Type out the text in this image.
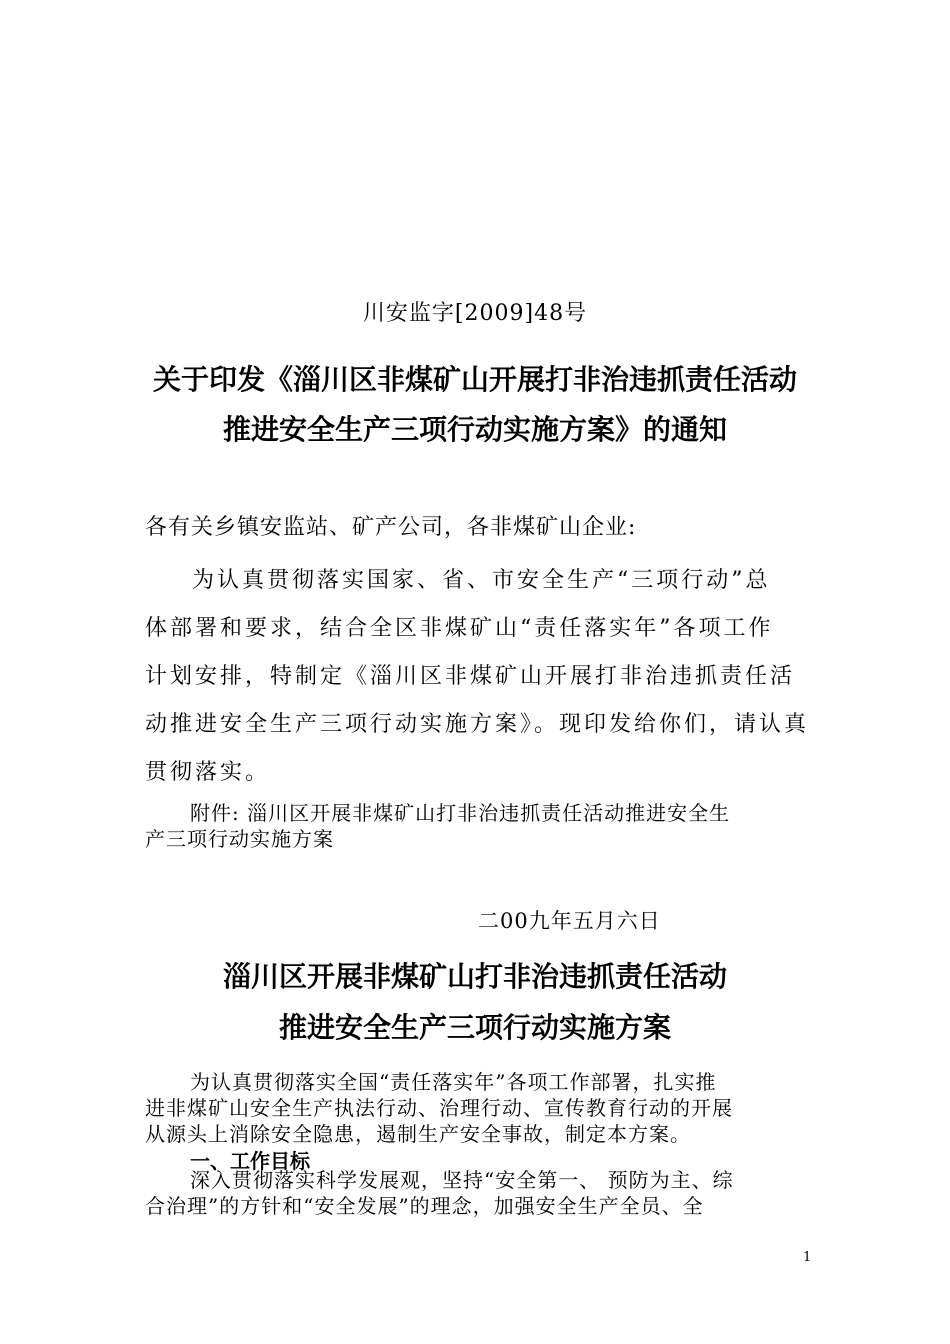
川安监字[2009]48号
关于印发《淄川区非煤矿山开展打非治违抓责任活动
推进安全生产三项行动实施方案》的通知
各有关乡镇安监站、矿产公司，各非煤矿山企业:
为认真贯彻落实国家、省、市安全生产“三项行动”总
体部署和要求，结合全区非煤矿山“责任落实年”各项工作
计划安排，特制定《淄川区非煤矿山开展打非治违抓责任活
动推进安全生产三项行动实施方案》。现印发给你们，请认真
贯彻落实。
附件: 淄川区开展非煤矿山打非治违抓责任活动推进安全生
产三项行动实施方案
二00九年五月六日
淄川区开展非煤矿山打非治违抓责任活动
推进安全生产三项行动实施方案
为认真贯彻落实全国“责任落实年”各项工作部署，扎实推
进非煤矿山安全生产执法行动、治理行动、宣传教育行动的开展
从源头上消除安全隐患，遏制生产安全事故，制定本方案。
一、工作目标
深入贯彻落实科学发展观，坚持“安全第一、 预防为主、综
合治理”的方针和“安全发展”的理念，加强安全生产全员、全
1
